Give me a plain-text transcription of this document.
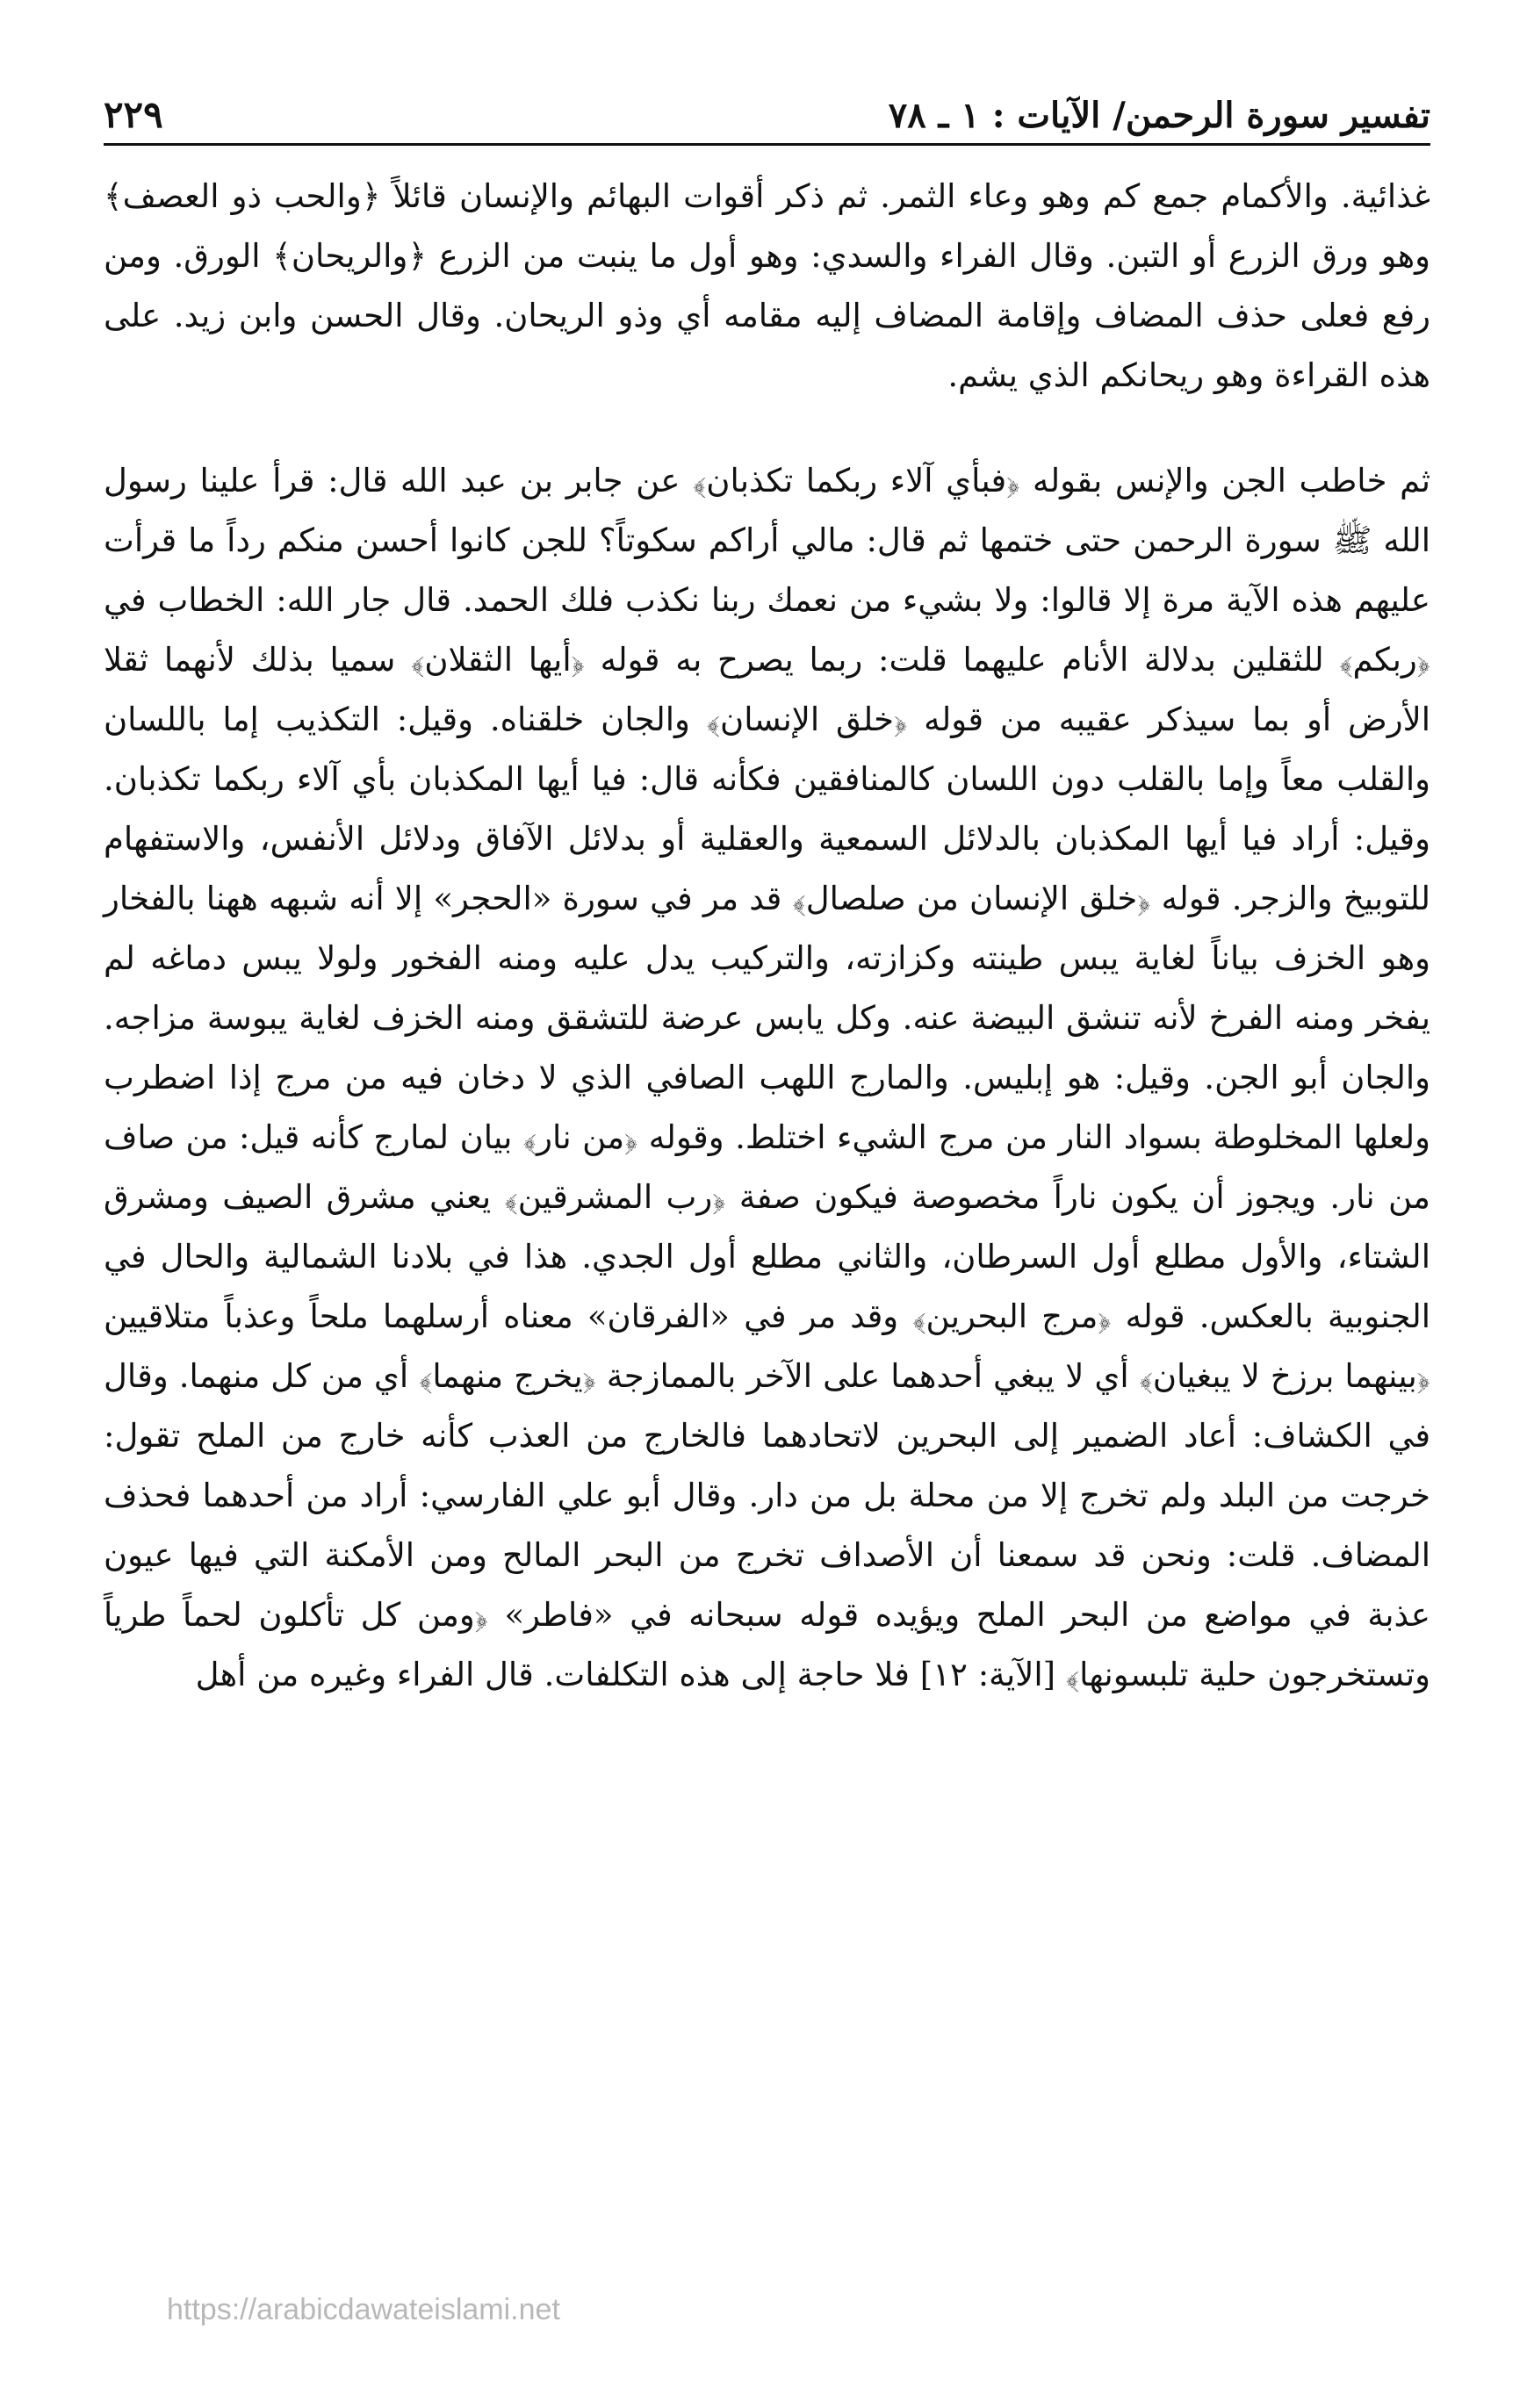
تفسير سورة الرحمن/ الآيات : ١ ـ ٧٨
٢٢٩

غذائية. والأكمام جمع كم وهو وعاء الثمر. ثم ذكر أقوات البهائم والإنسان قائلاً ﴿والحب ذو العصف﴾ وهو ورق الزرع أو التبن. وقال الفراء والسدي: وهو أول ما ينبت من الزرع ﴿والريحان﴾ الورق. ومن رفع فعلى حذف المضاف وإقامة المضاف إليه مقامه أي وذو الريحان. وقال الحسن وابن زيد. على هذه القراءة وهو ريحانكم الذي يشم.

ثم خاطب الجن والإنس بقوله ﴿فبأي آلاء ربكما تكذبان﴾ عن جابر بن عبد الله قال: قرأ علينا رسول الله ﷺ سورة الرحمن حتى ختمها ثم قال: مالي أراكم سكوتاً؟ للجن كانوا أحسن منكم رداً ما قرأت عليهم هذه الآية مرة إلا قالوا: ولا بشيء من نعمك ربنا نكذب فلك الحمد. قال جار الله: الخطاب في ﴿ربكم﴾ للثقلين بدلالة الأنام عليهما قلت: ربما يصرح به قوله ﴿أيها الثقلان﴾ سميا بذلك لأنهما ثقلا الأرض أو بما سيذكر عقيبه من قوله ﴿خلق الإنسان﴾ والجان خلقناه. وقيل: التكذيب إما باللسان والقلب معاً وإما بالقلب دون اللسان كالمنافقين فكأنه قال: فيا أيها المكذبان بأي آلاء ربكما تكذبان. وقيل: أراد فيا أيها المكذبان بالدلائل السمعية والعقلية أو بدلائل الآفاق ودلائل الأنفس، والاستفهام للتوبيخ والزجر. قوله ﴿خلق الإنسان من صلصال﴾ قد مر في سورة «الحجر» إلا أنه شبهه ههنا بالفخار وهو الخزف بياناً لغاية يبس طينته وكزازته، والتركيب يدل عليه ومنه الفخور ولولا يبس دماغه لم يفخر ومنه الفرخ لأنه تنشق البيضة عنه. وكل يابس عرضة للتشقق ومنه الخزف لغاية يبوسة مزاجه. والجان أبو الجن. وقيل: هو إبليس. والمارج اللهب الصافي الذي لا دخان فيه من مرج إذا اضطرب ولعلها المخلوطة بسواد النار من مرج الشيء اختلط. وقوله ﴿من نار﴾ بيان لمارج كأنه قيل: من صاف من نار. ويجوز أن يكون ناراً مخصوصة فيكون صفة ﴿رب المشرقين﴾ يعني مشرق الصيف ومشرق الشتاء، والأول مطلع أول السرطان، والثاني مطلع أول الجدي. هذا في بلادنا الشمالية والحال في الجنوبية بالعكس. قوله ﴿مرج البحرين﴾ وقد مر في «الفرقان» معناه أرسلهما ملحاً وعذباً متلاقيين ﴿بينهما برزخ لا يبغيان﴾ أي لا يبغي أحدهما على الآخر بالممازجة ﴿يخرج منهما﴾ أي من كل منهما. وقال في الكشاف: أعاد الضمير إلى البحرين لاتحادهما فالخارج من العذب كأنه خارج من الملح تقول: خرجت من البلد ولم تخرج إلا من محلة بل من دار. وقال أبو علي الفارسي: أراد من أحدهما فحذف المضاف. قلت: ونحن قد سمعنا أن الأصداف تخرج من البحر المالح ومن الأمكنة التي فيها عيون عذبة في مواضع من البحر الملح ويؤيده قوله سبحانه في «فاطر» ﴿ومن كل تأكلون لحماً طرياً وتستخرجون حلية تلبسونها﴾ [الآية: ١٢] فلا حاجة إلى هذه التكلفات. قال الفراء وغيره من أهل

https://arabicdawateislami.net
